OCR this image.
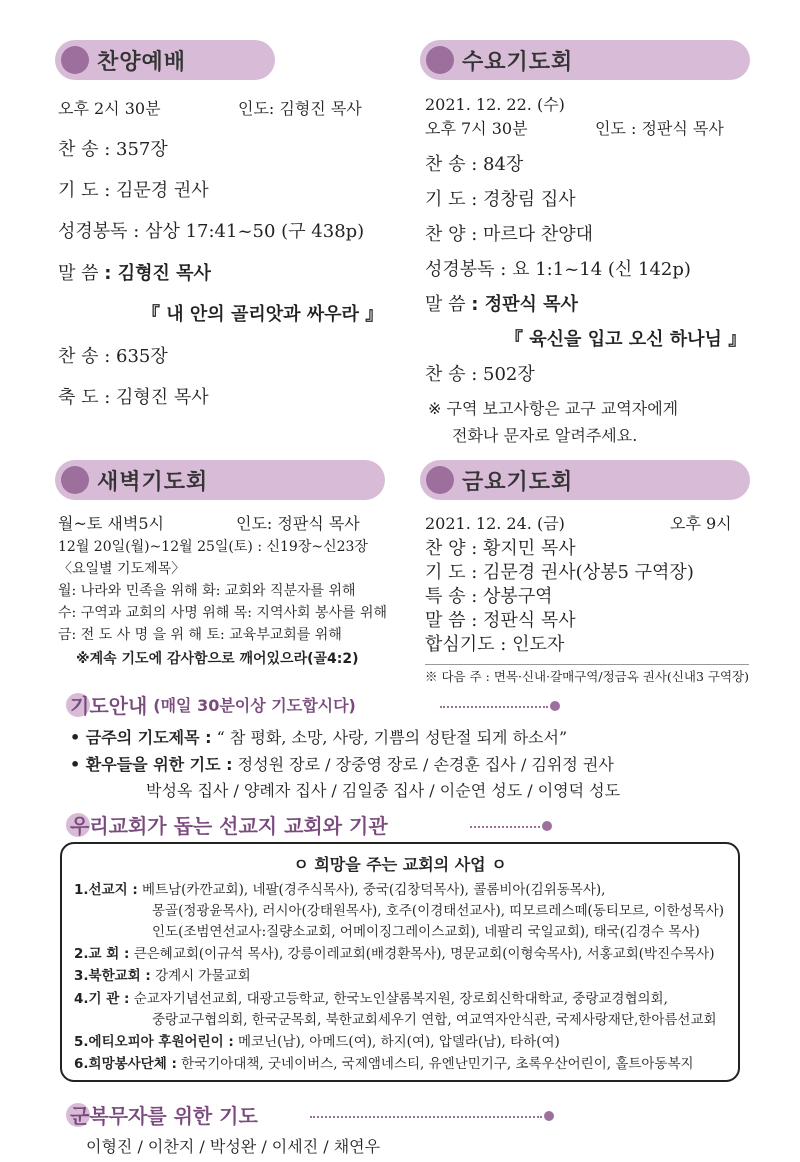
찬양예배
오후 2시 30분	인도: 김형진 목사
찬 송 : 357장
기 도 : 김문경 권사
성경봉독 : 삼상 17:41~50 (구 438p)
말 씀 : 김형진 목사
『 내 안의 골리앗과 싸우라 』
찬 송 : 635장
축 도 : 김형진 목사
수요기도회
2021. 12. 22. (수)
오후 7시 30분	인도 : 정판식 목사
찬 송 : 84장
기 도 : 경창림 집사
찬 양 : 마르다 찬양대
성경봉독 : 요 1:1~14 (신 142p)
말 씀 : 정판식 목사
『 육신을 입고 오신 하나님 』
찬 송 : 502장
※ 구역 보고사항은 교구 교역자에게
전화나 문자로 알려주세요.
새벽기도회
월~토 새벽5시	인도: 정판식 목사
12월 20일(월)~12월 25일(토) : 신19장~신23장
〈요일별 기도제목〉
월: 나라와 민족을 위해 화: 교회와 직분자를 위해
수: 구역과 교회의 사명 위해 목: 지역사회 봉사를 위해
금: 전 도 사 명 을 위 해 토: 교육부교회를 위해
※계속 기도에 감사함으로 깨어있으라(골4:2)
금요기도회
2021. 12. 24. (금)	오후 9시
찬 양 : 황지민 목사
기 도 : 김문경 권사(상봉5 구역장)
특 송 : 상봉구역
말 씀 : 정판식 목사
합심기도 : 인도자
※ 다음 주 : 면목·신내·갈매구역/정금옥 권사(신내3 구역장)
기도안내 (매일 30분이상 기도합시다)
• 금주의 기도제목 : “ 참 평화, 소망, 사랑, 기쁨의 성탄절 되게 하소서”
• 환우들을 위한 기도 : 정성원 장로 / 장중영 장로 / 손경훈 집사 / 김위정 권사
박성옥 집사 / 양례자 집사 / 김일중 집사 / 이순연 성도 / 이영덕 성도
우리교회가 돕는 선교지 교회와 기관
ㅇ 희망을 주는 교회의 사업 ㅇ
1.선교지 : 베트남(카깐교회), 네팔(경주식목사), 중국(김창덕목사), 콜롬비아(김위동목사),
몽골(정광윤목사), 러시아(강태원목사), 호주(이경태선교사), 띠모르레스떼(동티모르, 이한성목사)
인도(조범연선교사:질량소교회, 어메이징그레이스교회), 네팔리 국일교회), 태국(김경수 목사)
2.교 회 : 큰은혜교회(이규석 목사), 강릉이레교회(배경환목사), 명문교회(이형숙목사), 서홍교회(박진수목사)
3.북한교회 : 강계시 가물교회
4.기 관 : 순교자기념선교회, 대광고등학교, 한국노인샬롬복지원, 장로회신학대학교, 중랑교경협의회,
중랑교구협의회, 한국군목회, 북한교회세우기 연합, 여교역자안식관, 국제사랑재단,한아름선교회
5.에티오피아 후원어린이 : 메코닌(남), 아메드(여), 하지(여), 압델라(남), 타하(여)
6.희망봉사단체 : 한국기아대책, 굿네이버스, 국제앰네스티, 유엔난민기구, 초록우산어린이, 홀트아동복지
군복무자를 위한 기도
이형진 / 이찬지 / 박성완 / 이세진 / 채연우
